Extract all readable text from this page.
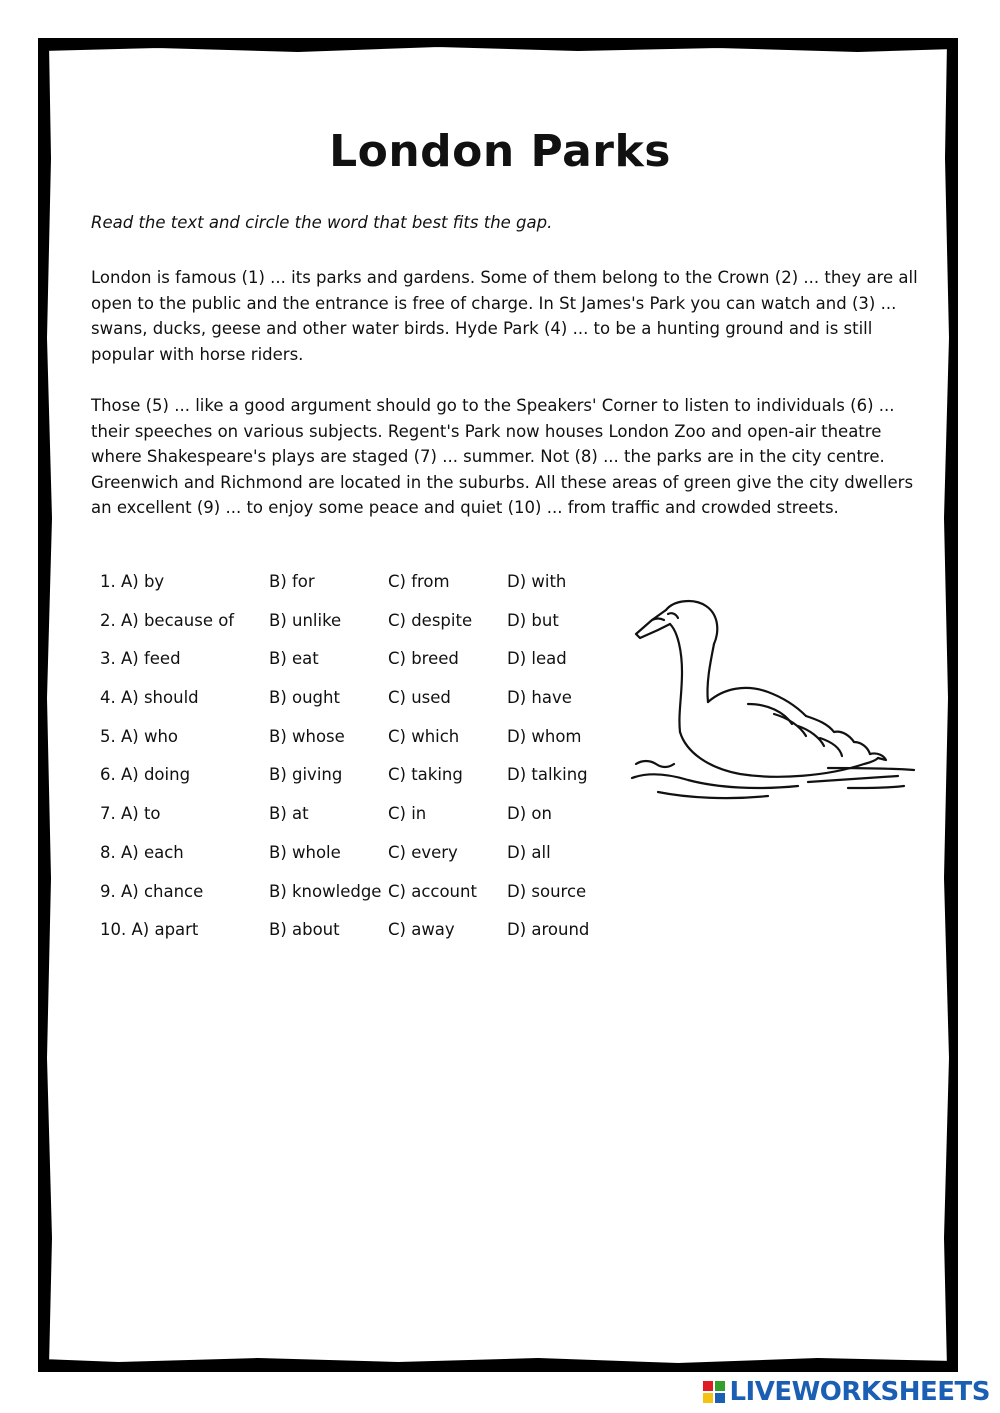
London Parks

Read the text and circle the word that best fits the gap.

London is famous (1) ... its parks and gardens. Some of them belong to the Crown (2) ... they are all open to the public and the entrance is free of charge. In St James's Park you can watch and (3) ... swans, ducks, geese and other water birds. Hyde Park (4) ... to be a hunting ground and is still popular with horse riders.

Those (5) ... like a good argument should go to the Speakers' Corner to listen to individuals (6) ... their speeches on various subjects. Regent's Park now houses London Zoo and open-air theatre where Shakespeare's plays are staged (7) ... summer. Not (8) ... the parks are in the city centre. Greenwich and Richmond are located in the suburbs. All these areas of green give the city dwellers an excellent (9) ... to enjoy some peace and quiet (10) ... from traffic and crowded streets.

1. A) by	B) for	C) from	D) with
2. A) because of B) unlike	C) despite D) but
3. A) feed	B) eat	C) breed	D) lead
4. A) should	B) ought	C) used	D) have
5. A) who	B) whose	C) which	D) whom
6. A) doing	B) giving	C) taking	D) talking
7. A) to	B) at	C) in	D) on
8. A) each	B) whole	C) every	D) all
9. A) chance	B) knowledge C) account D) source
10. A) apart	B) about	C) away	D) around
LIVEWORKSHEETS
